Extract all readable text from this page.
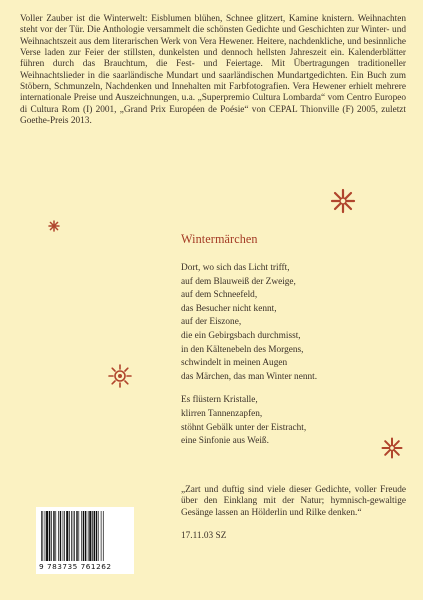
Voller Zauber ist die Winterwelt: Eisblumen blühen, Schnee glitzert, Kamine knistern. Weihnachten steht vor der Tür. Die Anthologie versammelt die schönsten Gedichte und Geschichten zur Winter- und Weihnachtszeit aus dem literarischen Werk von Vera Hewener. Heitere, nachdenkliche, und besinnliche Verse laden zur Feier der stillsten, dunkelsten und dennoch hellsten Jahreszeit ein. Kalenderblätter führen durch das Brauchtum, die Fest- und Feiertage. Mit Übertragungen traditioneller Weihnachtslieder in die saarländische Mundart und saarländischen Mundartgedichten. Ein Buch zum Stöbern, Schmunzeln, Nachdenken und Innehalten mit Farbfotografien. Vera Hewener erhielt mehrere internationale Preise und Auszeichnungen, u.a. „Superpremio Cultura Lombarda“ vom Centro Europeo di Cultura Rom (I) 2001, „Grand Prix Européen de Poésie“ von CEPAL Thionville (F) 2005, zuletzt Goethe-Preis 2013.

Wintermärchen
Dort, wo sich das Licht trifft,
auf dem Blauweiß der Zweige,
auf dem Schneefeld,
das Besucher nicht kennt,
auf der Eiszone,
die ein Gebirgsbach durchmisst,
in den Kältenebeln des Morgens,
schwindelt in meinen Augen
das Märchen, das man Winter nennt.
Es flüstern Kristalle,
klirren Tannenzapfen,
stöhnt Gebälk unter der Eistracht,
eine Sinfonie aus Weiß.

„Zart und duftig sind viele dieser Gedichte, voller Freude über den Einklang mit der Natur; hymnisch-gewaltige Gesänge lassen an Hölderlin und Rilke denken.“

17.11.03 SZ
9 783735 761262
